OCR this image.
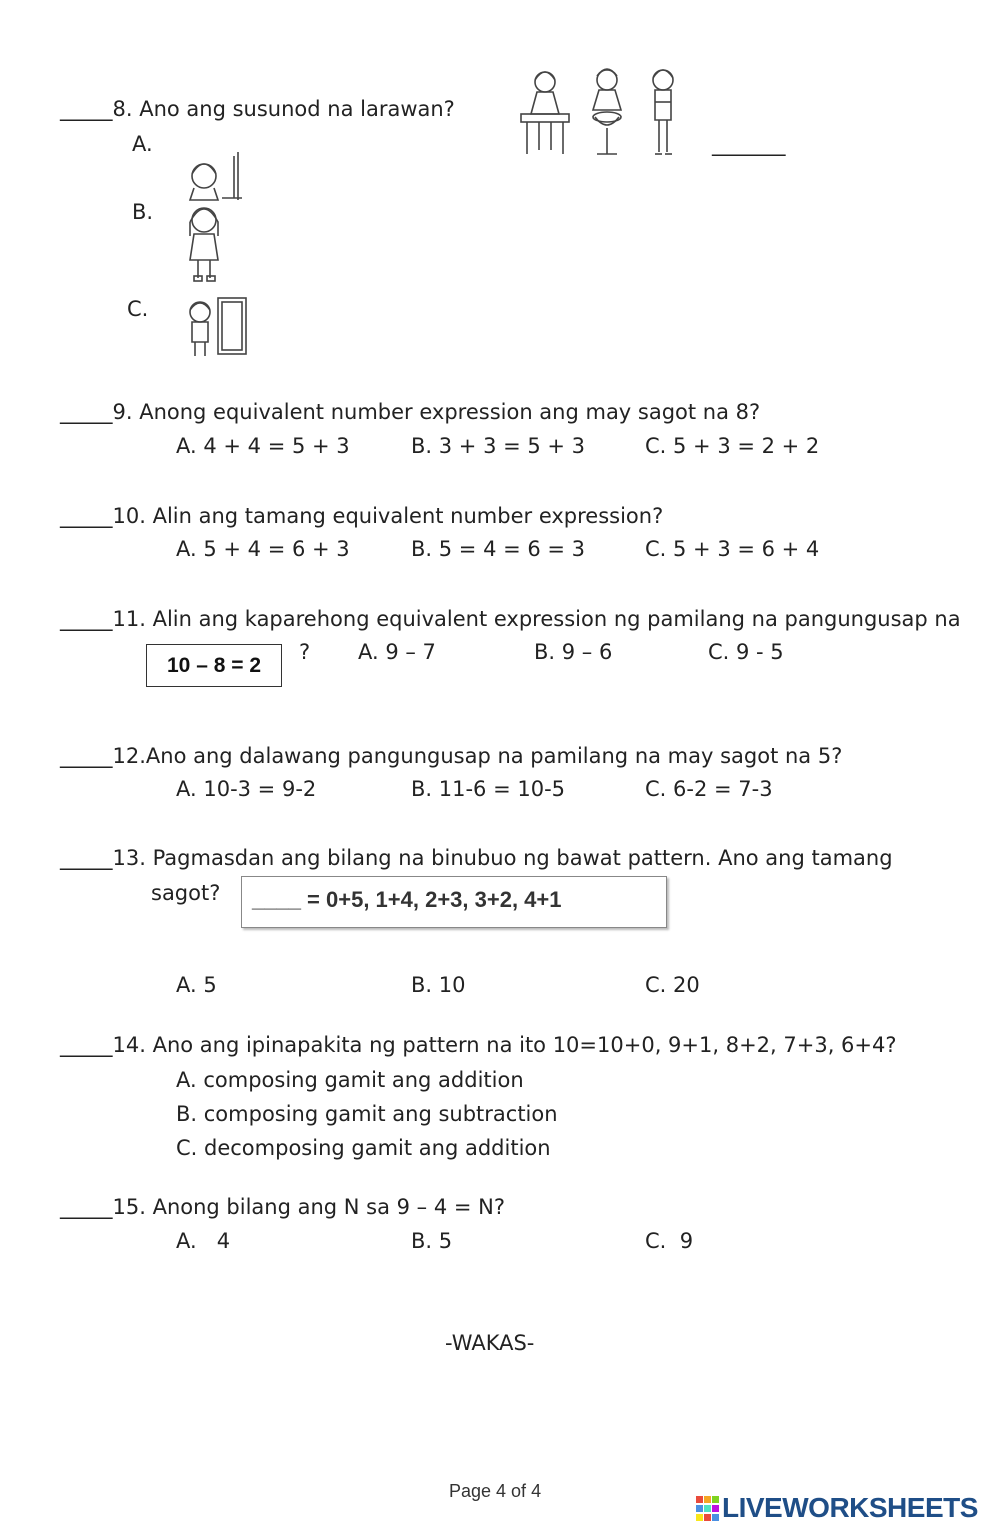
_____8. Ano ang susunod na larawan?
_______
A.
B.
C.
_____9. Anong equivalent number expression ang may sagot na 8?
A. 4 + 4 = 5 + 3	B. 3 + 3 = 5 + 3	C. 5 + 3 = 2 + 2
_____10. Alin ang tamang equivalent number expression?
A. 5 + 4 = 6 + 3	B. 5 = 4 = 6 = 3	C. 5 + 3 = 6 + 4
_____11. Alin ang kaparehong equivalent expression ng pamilang na pangungusap na
10 – 8 = 2
? A. 9 – 7	B. 9 – 6	C. 9 - 5
_____12.Ano ang dalawang pangungusap na pamilang na may sagot na 5?
A. 10-3 = 9-2	B. 11-6 = 10-5	C. 6-2 = 7-3
_____13. Pagmasdan ang bilang na binubuo ng bawat pattern. Ano ang tamang
sagot? ____ = 0+5, 1+4, 2+3, 3+2, 4+1
A. 5	B. 10	C. 20
_____14. Ano ang ipinapakita ng pattern na ito 10=10+0, 9+1, 8+2, 7+3, 6+4?
A. composing gamit ang addition
B. composing gamit ang subtraction
C. decomposing gamit ang addition
_____15. Anong bilang ang N sa 9 – 4 = N?
A.   4	B. 5	C.  9
-WAKAS-
Page 4 of 4
LIVEWORKSHEETS
